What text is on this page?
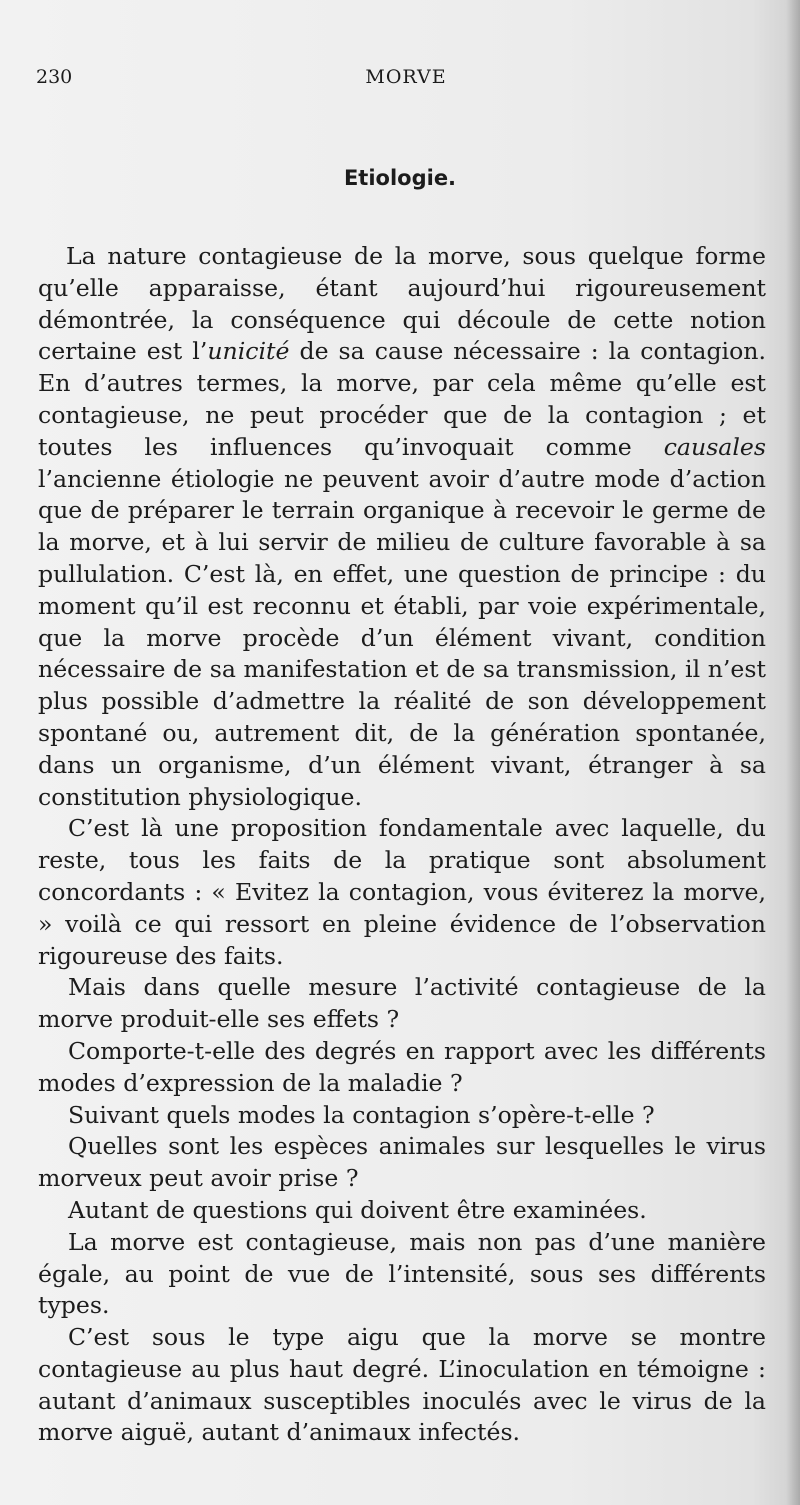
230	MORVE
Etiologie.

La nature contagieuse de la morve, sous quelque forme qu’elle apparaisse, étant aujourd’hui rigoureusement démontrée, la conséquence qui découle de cette notion certaine est l’unicité de sa cause nécessaire : la contagion. En d’autres termes, la morve, par cela même qu’elle est contagieuse, ne peut procéder que de la contagion ; et toutes les influences qu’invoquait comme causales l’ancienne étiologie ne peuvent avoir d’autre mode d’action que de préparer le terrain organique à recevoir le germe de la morve, et à lui servir de milieu de culture favorable à sa pullulation. C’est là, en effet, une question de principe : du moment qu’il est reconnu et établi, par voie expérimentale, que la morve procède d’un élément vivant, condition nécessaire de sa manifestation et de sa transmission, il n’est plus possible d’admettre la réalité de son développement spontané ou, autrement dit, de la génération spontanée, dans un organisme, d’un élément vivant, étranger à sa constitution physiologique.

C’est là une proposition fondamentale avec laquelle, du reste, tous les faits de la pratique sont absolument concordants : « Evitez la contagion, vous éviterez la morve, » voilà ce qui ressort en pleine évidence de l’observation rigoureuse des faits.

Mais dans quelle mesure l’activité contagieuse de la morve produit-elle ses effets ?

Comporte-t-elle des degrés en rapport avec les différents modes d’expression de la maladie ?

Suivant quels modes la contagion s’opère-t-elle ?

Quelles sont les espèces animales sur lesquelles le virus morveux peut avoir prise ?

Autant de questions qui doivent être examinées.

La morve est contagieuse, mais non pas d’une manière égale, au point de vue de l’intensité, sous ses différents types.

C’est sous le type aigu que la morve se montre contagieuse au plus haut degré. L’inoculation en témoigne : autant d’animaux susceptibles inoculés avec le virus de la morve aiguë, autant d’animaux infectés.
